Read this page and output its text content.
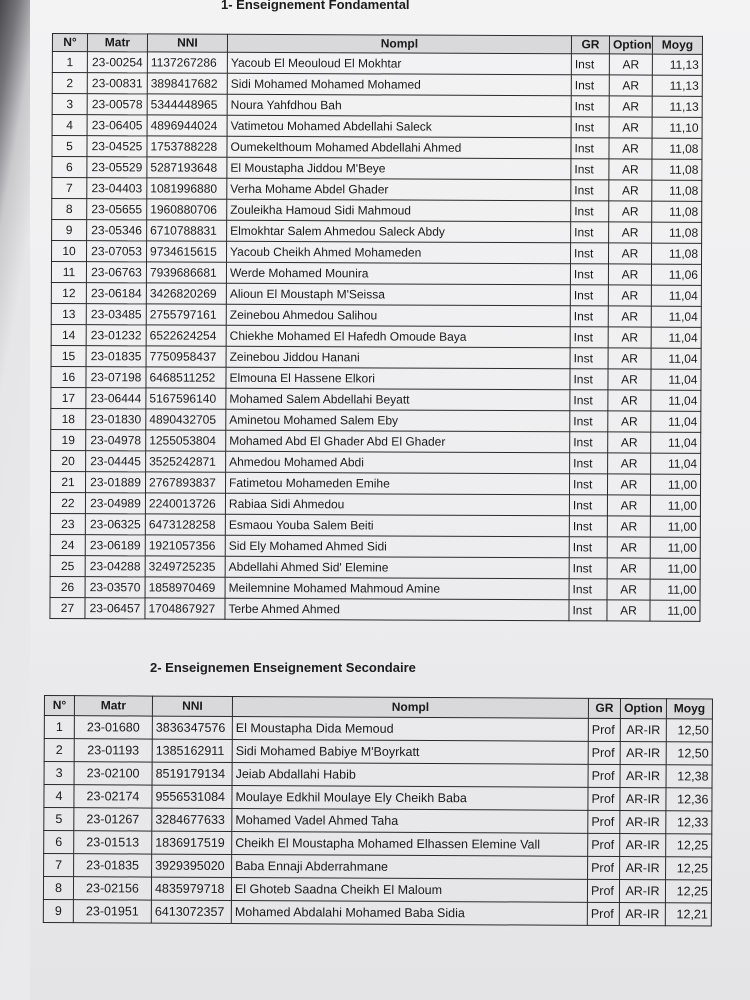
1- Enseignement Fondamental
N°	Matr	NNI	Nompl	GR	Option	Moyg
1	23-00254	1137267286	Yacoub El Meouloud El Mokhtar	Inst	AR	11,13
2	23-00831	3898417682	Sidi Mohamed Mohamed Mohamed	Inst	AR	11,13
3	23-00578	5344448965	Noura Yahfdhou Bah	Inst	AR	11,13
4	23-06405	4896944024	Vatimetou Mohamed Abdellahi Saleck	Inst	AR	11,10
5	23-04525	1753788228	Oumekelthoum Mohamed Abdellahi Ahmed	Inst	AR	11,08
6	23-05529	5287193648	El Moustapha Jiddou M'Beye	Inst	AR	11,08
7	23-04403	1081996880	Verha Mohame Abdel Ghader	Inst	AR	11,08
8	23-05655	1960880706	Zouleikha Hamoud Sidi Mahmoud	Inst	AR	11,08
9	23-05346	6710788831	Elmokhtar Salem Ahmedou Saleck Abdy	Inst	AR	11,08
10	23-07053	9734615615	Yacoub Cheikh Ahmed Mohameden	Inst	AR	11,08
11	23-06763	7939686681	Werde Mohamed Mounira	Inst	AR	11,06
12	23-06184	3426820269	Alioun El Moustaph M'Seissa	Inst	AR	11,04
13	23-03485	2755797161	Zeinebou Ahmedou Salihou	Inst	AR	11,04
14	23-01232	6522624254	Chiekhe Mohamed El Hafedh Omoude Baya	Inst	AR	11,04
15	23-01835	7750958437	Zeinebou Jiddou Hanani	Inst	AR	11,04
16	23-07198	6468511252	Elmouna El Hassene Elkori	Inst	AR	11,04
17	23-06444	5167596140	Mohamed Salem Abdellahi Beyatt	Inst	AR	11,04
18	23-01830	4890432705	Aminetou Mohamed Salem Eby	Inst	AR	11,04
19	23-04978	1255053804	Mohamed Abd El Ghader Abd El Ghader	Inst	AR	11,04
20	23-04445	3525242871	Ahmedou Mohamed Abdi	Inst	AR	11,04
21	23-01889	2767893837	Fatimetou Mohameden Emihe	Inst	AR	11,00
22	23-04989	2240013726	Rabiaa Sidi Ahmedou	Inst	AR	11,00
23	23-06325	6473128258	Esmaou Youba Salem Beiti	Inst	AR	11,00
24	23-06189	1921057356	Sid Ely Mohamed Ahmed Sidi	Inst	AR	11,00
25	23-04288	3249725235	Abdellahi Ahmed Sid' Elemine	Inst	AR	11,00
26	23-03570	1858970469	Meilemnine Mohamed Mahmoud Amine	Inst	AR	11,00
27	23-06457	1704867927	Terbe Ahmed Ahmed	Inst	AR	11,00
2- Enseignemen Enseignement Secondaire
N°	Matr	NNI	Nompl	GR	Option	Moyg
1	23-01680	3836347576	El Moustapha Dida Memoud	Prof	AR-IR	12,50
2	23-01193	1385162911	Sidi Mohamed Babiye M'Boyrkatt	Prof	AR-IR	12,50
3	23-02100	8519179134	Jeiab Abdallahi Habib	Prof	AR-IR	12,38
4	23-02174	9556531084	Moulaye Edkhil Moulaye Ely Cheikh Baba	Prof	AR-IR	12,36
5	23-01267	3284677633	Mohamed Vadel Ahmed Taha	Prof	AR-IR	12,33
6	23-01513	1836917519	Cheikh El Moustapha Mohamed Elhassen Elemine Vall	Prof	AR-IR	12,25
7	23-01835	3929395020	Baba Ennaji Abderrahmane	Prof	AR-IR	12,25
8	23-02156	4835979718	El Ghoteb Saadna Cheikh El Maloum	Prof	AR-IR	12,25
9	23-01951	6413072357	Mohamed Abdalahi Mohamed Baba Sidia	Prof	AR-IR	12,21
